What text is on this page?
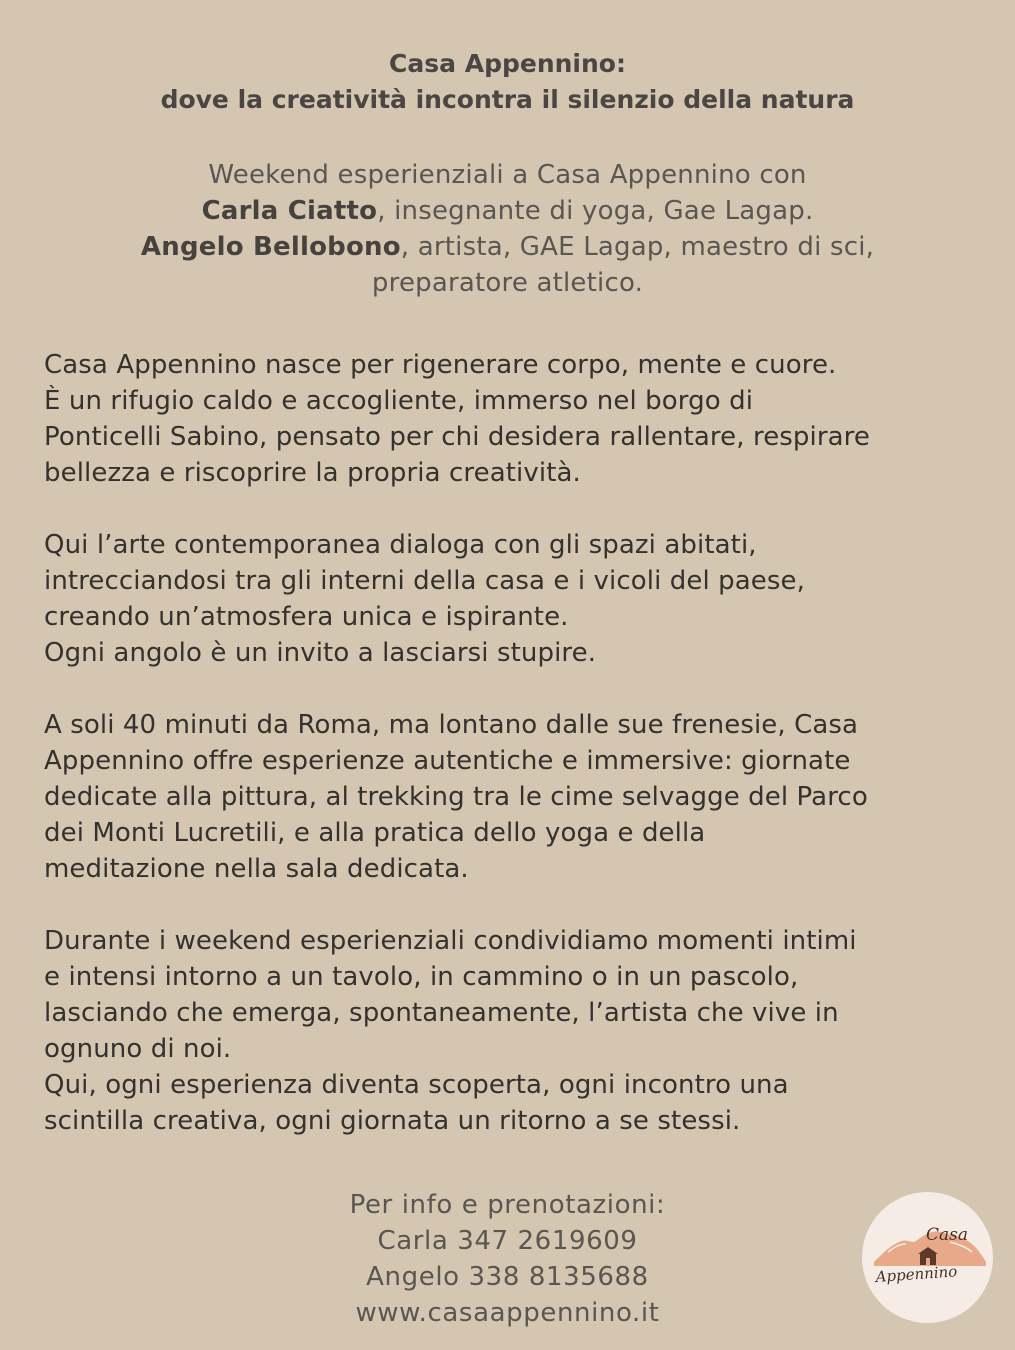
Casa Appennino:
dove la creatività incontra il silenzio della natura
Weekend esperienziali a Casa Appennino con
Carla Ciatto, insegnante di yoga, Gae Lagap.
Angelo Bellobono, artista, GAE Lagap, maestro di sci,
preparatore atletico.
Casa Appennino nasce per rigenerare corpo, mente e cuore.
È un rifugio caldo e accogliente, immerso nel borgo di
Ponticelli Sabino, pensato per chi desidera rallentare, respirare
bellezza e riscoprire la propria creatività.
Qui l’arte contemporanea dialoga con gli spazi abitati,
intrecciandosi tra gli interni della casa e i vicoli del paese,
creando un’atmosfera unica e ispirante.
Ogni angolo è un invito a lasciarsi stupire.
A soli 40 minuti da Roma, ma lontano dalle sue frenesie, Casa
Appennino offre esperienze autentiche e immersive: giornate
dedicate alla pittura, al trekking tra le cime selvagge del Parco
dei Monti Lucretili, e alla pratica dello yoga e della
meditazione nella sala dedicata.
Durante i weekend esperienziali condividiamo momenti intimi
e intensi intorno a un tavolo, in cammino o in un pascolo,
lasciando che emerga, spontaneamente, l’artista che vive in
ognuno di noi.
Qui, ogni esperienza diventa scoperta, ogni incontro una
scintilla creativa, ogni giornata un ritorno a se stessi.
Per info e prenotazioni:
Carla 347 2619609
Angelo 338 8135688
www.casaappennino.it
Casa
Appennino
